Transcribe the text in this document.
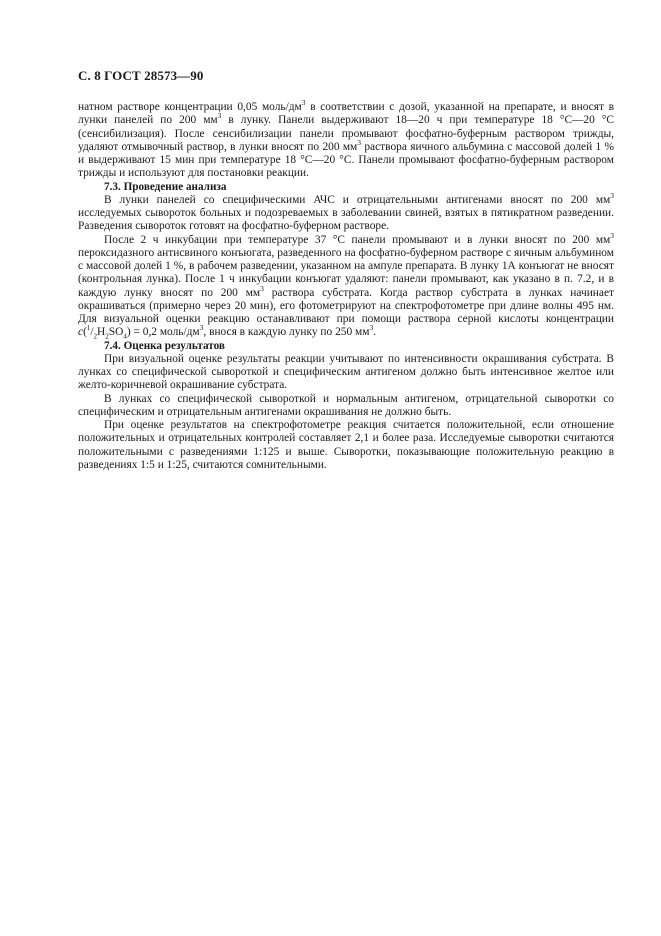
С. 8 ГОСТ 28573—90

натном растворе концентрации 0,05 моль/$дм^3$ в соответствии с дозой, указанной на препарате, и вносят в лунки панелей по 200 $мм^3$ в лунку. Панели выдерживают 18—20 ч при температуре 18 °С—20 °С (сенсибилизация). После сенсибилизации панели промывают фосфатно-буферным раствором трижды, удаляют отмывочный раствор, в лунки вносят по 200 $мм^3$ раствора яичного альбумина с массовой долей 1 % и выдерживают 15 мин при температуре 18 °С—20 °С. Панели промывают фосфатно-буферным раствором трижды и используют для постановки реакции.

7.3. Проведение анализа

В лунки панелей со специфическими АЧС и отрицательными антигенами вносят по 200 $мм^3$ исследуемых сывороток больных и подозреваемых в заболевании свиней, взятых в пятикратном разведении. Разведения сывороток готовят на фосфатно-буферном растворе.

После 2 ч инкубации при температуре 37 °С панели промывают и в лунки вносят по 200 $мм^3$ пероксидазного антисвиного конъюгата, разведенного на фосфатно-буферном растворе с яичным альбумином с массовой долей 1 %, в рабочем разведении, указанном на ампуле препарата. В лунку 1А конъюгат не вносят (контрольная лунка). После 1 ч инкубации конъюгат удаляют: панели промывают, как указано в п. 7.2, и в каждую лунку вносят по 200 $мм^3$ раствора субстрата. Когда раствор субстрата в лунках начинает окрашиваться (примерно через 20 мин), его фотометрируют на спектрофотометре при длине волны 495 нм. Для визуальной оценки реакцию останавливают при помощи раствора серной кислоты концентрации $c(^1/_2H_2SO_4) = 0,2$ моль/$дм^3$, внося в каждую лунку по 250 $мм^3$.

7.4. Оценка результатов

При визуальной оценке результаты реакции учитывают по интенсивности окрашивания субстрата. В лунках со специфической сывороткой и специфическим антигеном должно быть интенсивное желтое или желто-коричневой окрашивание субстрата.

В лунках со специфической сывороткой и нормальным антигеном, отрицательной сыворотки со специфическим и отрицательным антигенами окрашивания не должно быть.

При оценке результатов на спектрофотометре реакция считается положительной, если отношение положительных и отрицательных контролей составляет 2,1 и более раза. Исследуемые сыворотки считаются положительными с разведениями 1:125 и выше. Сыворотки, показывающие положительную реакцию в разведениях 1:5 и 1:25, считаются сомнительными.
